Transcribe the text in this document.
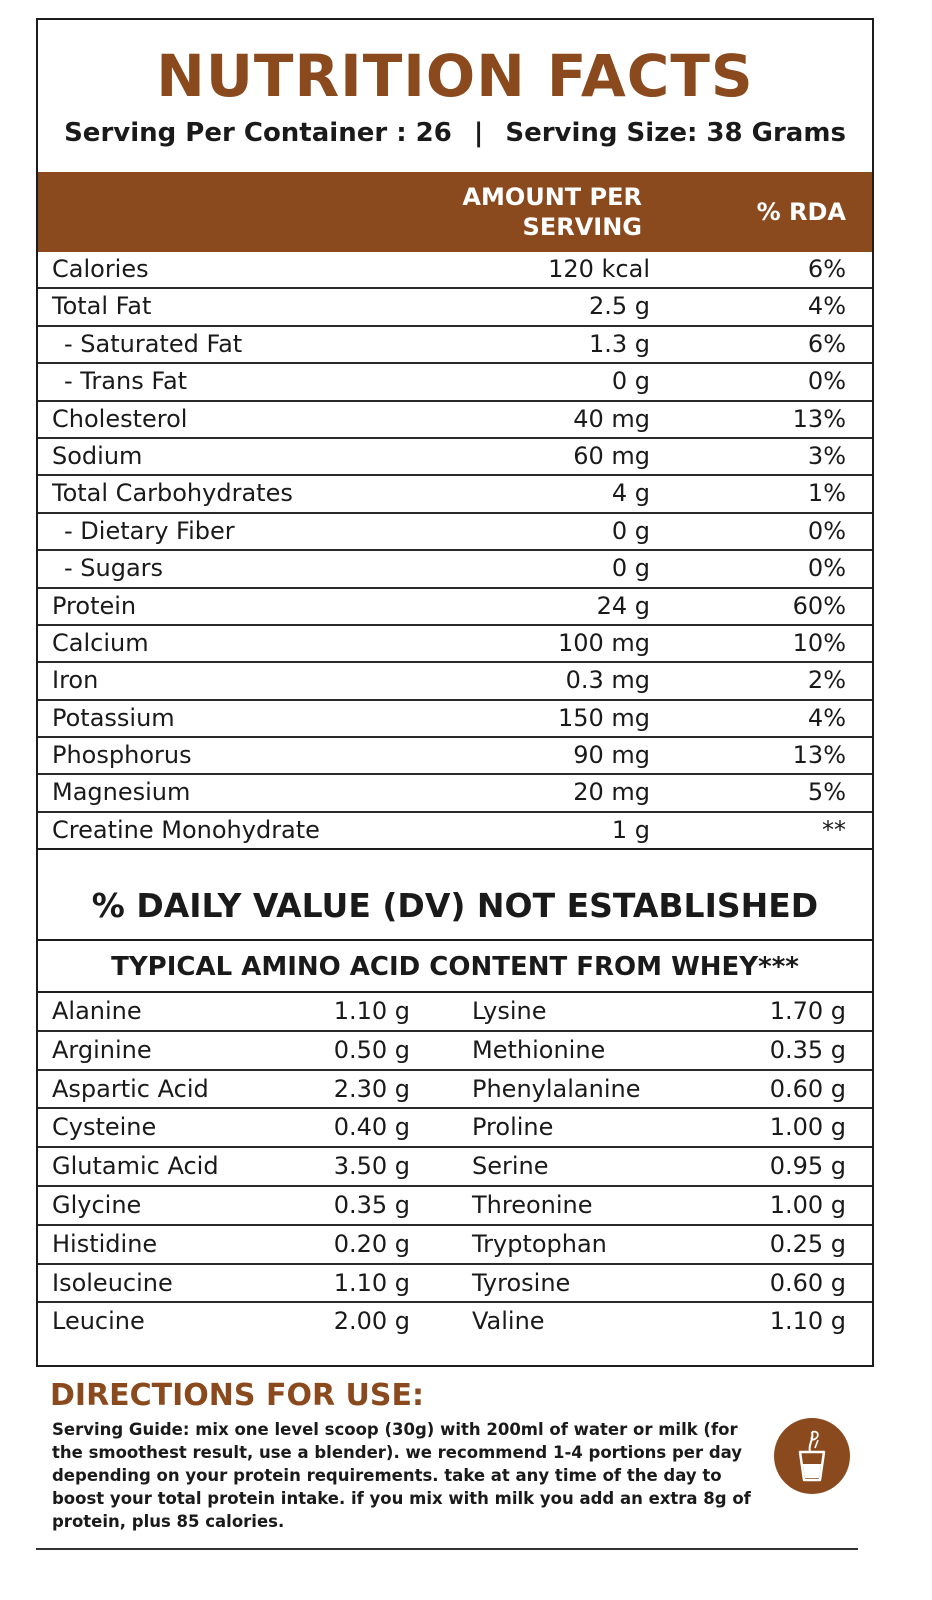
NUTRITION FACTS
Serving Per Container : 26 | Serving Size: 38 Grams
AMOUNT PER
SERVING
% RDA
Calories	120 kcal	6%
Total Fat	2.5 g	4%
- Saturated Fat	1.3 g	6%
- Trans Fat	0 g	0%
Cholesterol	40 mg	13%
Sodium	60 mg	3%
Total Carbohydrates	4 g	1%
- Dietary Fiber	0 g	0%
- Sugars	0 g	0%
Protein	24 g	60%
Calcium	100 mg	10%
Iron	0.3 mg	2%
Potassium	150 mg	4%
Phosphorus	90 mg	13%
Magnesium	20 mg	5%
Creatine Monohydrate	1 g	**
% DAILY VALUE (DV) NOT ESTABLISHED
TYPICAL AMINO ACID CONTENT FROM WHEY***
Alanine	1.10 g	Lysine	1.70 g
Arginine	0.50 g	Methionine	0.35 g
Aspartic Acid	2.30 g	Phenylalanine	0.60 g
Cysteine	0.40 g	Proline	1.00 g
Glutamic Acid	3.50 g	Serine	0.95 g
Glycine	0.35 g	Threonine	1.00 g
Histidine	0.20 g	Tryptophan	0.25 g
Isoleucine	1.10 g	Tyrosine	0.60 g
Leucine	2.00 g	Valine	1.10 g
DIRECTIONS FOR USE:
Serving Guide: mix one level scoop (30g) with 200ml of water or milk (for the smoothest result, use a blender). we recommend 1-4 portions per day depending on your protein requirements. take at any time of the day to boost your total protein intake. if you mix with milk you add an extra 8g of protein, plus 85 calories.
